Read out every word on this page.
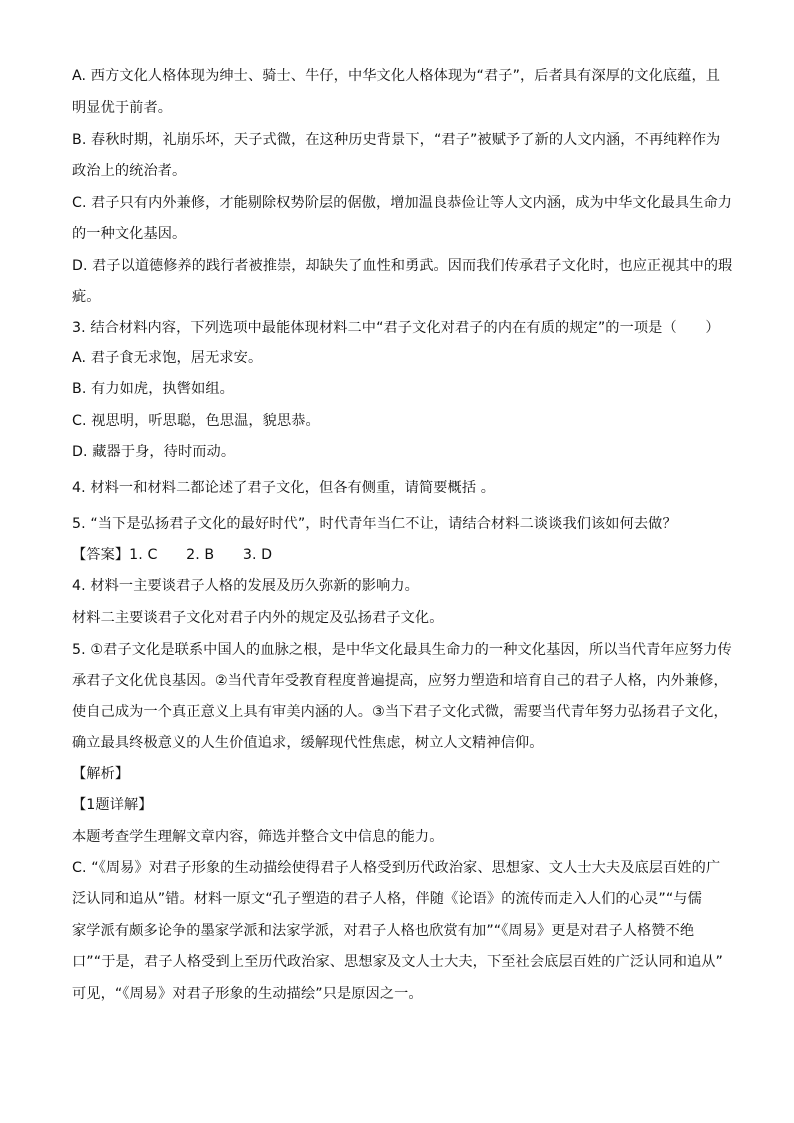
A. 西方文化人格体现为绅士、骑士、牛仔，中华文化人格体现为“君子”，后者具有深厚的文化底蕴，且
明显优于前者。
B. 春秋时期，礼崩乐坏，天子式微，在这种历史背景下，“君子”被赋予了新的人文内涵，不再纯粹作为
政治上的统治者。
C. 君子只有内外兼修，才能剔除权势阶层的倨傲，增加温良恭俭让等人文内涵，成为中华文化最具生命力
的一种文化基因。
D. 君子以道德修养的践行者被推崇，却缺失了血性和勇武。因而我们传承君子文化时，也应正视其中的瑕
疵。
3. 结合材料内容，下列选项中最能体现材料二中“君子文化对君子的内在有质的规定”的一项是（　　）
A. 君子食无求饱，居无求安。
B. 有力如虎，执辔如组。
C. 视思明，听思聪，色思温，貌思恭。
D. 藏器于身，待时而动。
4. 材料一和材料二都论述了君子文化，但各有侧重，请简要概括 。
5. “当下是弘扬君子文化的最好时代”，时代青年当仁不让，请结合材料二谈谈我们该如何去做？
【答案】1. C　　2. B　　3. D
4. 材料一主要谈君子人格的发展及历久弥新的影响力。
材料二主要谈君子文化对君子内外的规定及弘扬君子文化。
5. ①君子文化是联系中国人的血脉之根，是中华文化最具生命力的一种文化基因，所以当代青年应努力传
承君子文化优良基因。②当代青年受教育程度普遍提高，应努力塑造和培育自己的君子人格，内外兼修，
使自己成为一个真正意义上具有审美内涵的人。③当下君子文化式微，需要当代青年努力弘扬君子文化，
确立最具终极意义的人生价值追求，缓解现代性焦虑，树立人文精神信仰。
【解析】
【1题详解】
本题考查学生理解文章内容，筛选并整合文中信息的能力。
C. “《周易》对君子形象的生动描绘使得君子人格受到历代政治家、思想家、文人士大夫及底层百姓的广
泛认同和追从”错。材料一原文“孔子塑造的君子人格，伴随《论语》的流传而走入人们的心灵”“与儒
家学派有颇多论争的墨家学派和法家学派，对君子人格也欣赏有加”“《周易》更是对君子人格赞不绝
口”“于是，君子人格受到上至历代政治家、思想家及文人士大夫，下至社会底层百姓的广泛认同和追从”
可见，“《周易》对君子形象的生动描绘”只是原因之一。
